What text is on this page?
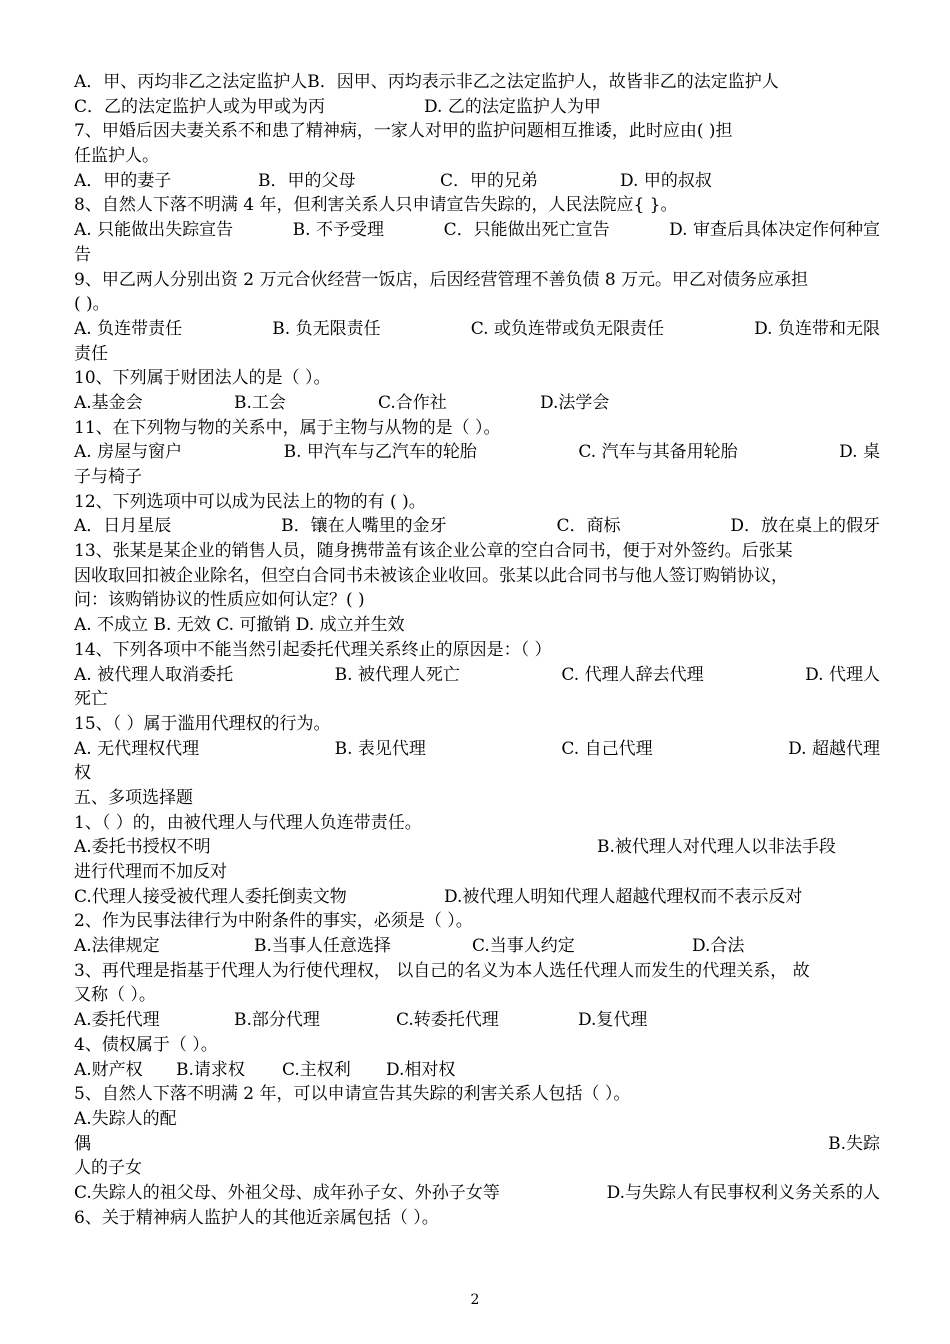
A．甲、丙均非乙之法定监护人B．因甲、丙均表示非乙之法定监护人，故皆非乙的法定监护人
C．乙的法定监护人或为甲或为丙	D. 乙的法定监护人为甲
7、甲婚后因夫妻关系不和患了精神病，一家人对甲的监护问题相互推诿，此时应由( )担
任监护人。
A．甲的妻子	B．甲的父母	C．甲的兄弟	D. 甲的叔叔
8、自然人下落不明满 4 年，但利害关系人只申请宣告失踪的，人民法院应{ }。
A. 只能做出失踪宣告	B. 不予受理	C．只能做出死亡宣告	D. 审查后具体决定作何种宣
告
9、甲乙两人分别出资 2 万元合伙经营一饭店，后因经营管理不善负债 8 万元。甲乙对债务应承担
( )。
A. 负连带责任	B. 负无限责任	C. 或负连带或负无限责任	D. 负连带和无限
责任
10、下列属于财团法人的是（ ）。
A.基金会	B.工会	C.合作社	D.法学会
11、在下列物与物的关系中，属于主物与从物的是（ ）。
A. 房屋与窗户	B. 甲汽车与乙汽车的轮胎	C. 汽车与其备用轮胎	D. 桌
子与椅子
12、下列选项中可以成为民法上的物的有 ( )。
A．日月星辰	B．镶在人嘴里的金牙	C．商标	D．放在桌上的假牙
13、张某是某企业的销售人员，随身携带盖有该企业公章的空白合同书，便于对外签约。后张某
因收取回扣被企业除名，但空白合同书未被该企业收回。张某以此合同书与他人签订购销协议，
问：该购销协议的性质应如何认定？( )
A. 不成立 B. 无效 C. 可撤销 D. 成立并生效
14、下列各项中不能当然引起委托代理关系终止的原因是：（ ）
A. 被代理人取消委托	B. 被代理人死亡	C. 代理人辞去代理	D. 代理人
死亡
15、（ ）属于滥用代理权的行为。
A. 无代理权代理	B. 表见代理	C. 自己代理	D. 超越代理
权
五、多项选择题
1、（ ）的，由被代理人与代理人负连带责任。
A.委托书授权不明	B.被代理人对代理人以非法手段
进行代理而不加反对
C.代理人接受被代理人委托倒卖文物	D.被代理人明知代理人超越代理权而不表示反对
2、作为民事法律行为中附条件的事实，必须是（ ）。
A.法律规定	B.当事人任意选择	C.当事人约定	D.合法
3、再代理是指基于代理人为行使代理权， 以自己的名义为本人选任代理人而发生的代理关系， 故
又称（ ）。
A.委托代理	B.部分代理	C.转委托代理	D.复代理
4、债权属于（ ）。
A.财产权 B.请求权 C.主权利 D.相对权
5、自然人下落不明满 2 年，可以申请宣告其失踪的利害关系人包括（ ）。
A.失踪人的配
偶	B.失踪
人的子女
C.失踪人的祖父母、外祖父母、成年孙子女、外孙子女等	D.与失踪人有民事权利义务关系的人
6、关于精神病人监护人的其他近亲属包括（ ）。
2
